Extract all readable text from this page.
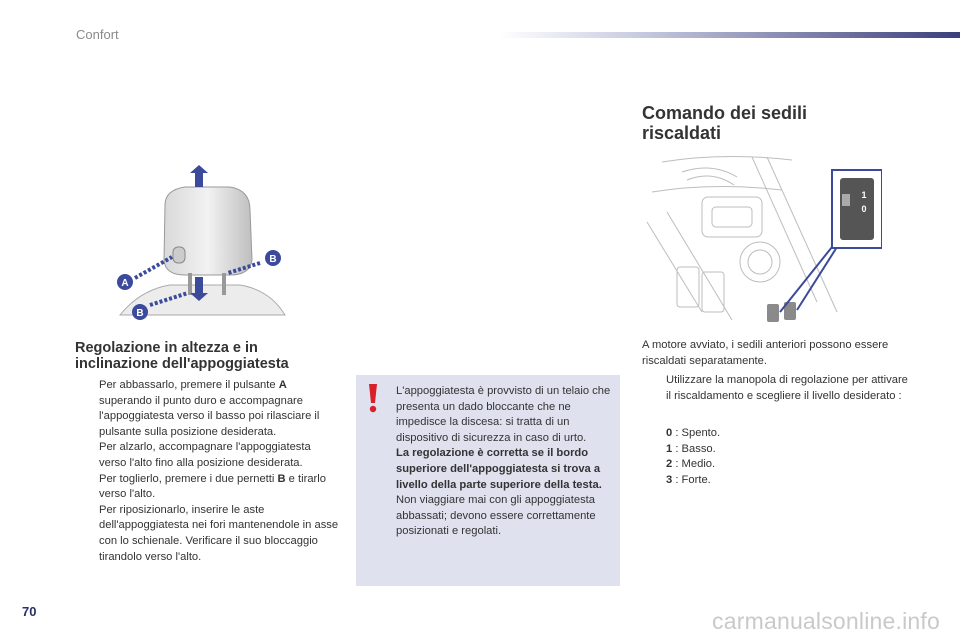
Confort
A
B
B
Regolazione in altezza e in
inclinazione dell'appoggiatesta
Per abbassarlo, premere il pulsante A superando il punto duro e accompagnare l'appoggiatesta verso il basso poi rilasciare il pulsante sulla posizione desiderata.
Per alzarlo, accompagnare l'appoggiatesta verso l'alto fino alla posizione desiderata.
Per toglierlo, premere i due pernetti B e tirarlo verso l'alto.
Per riposizionarlo, inserire le aste dell'appoggiatesta nei fori mantenendole in asse con lo schienale. Verificare il suo bloccaggio tirandolo verso l'alto.
L'appoggiatesta è provvisto di un telaio che presenta un dado bloccante che ne impedisce la discesa: si tratta di un dispositivo di sicurezza in caso di urto.
La regolazione è corretta se il bordo superiore dell'appoggiatesta si trova a livello della parte superiore della testa.
Non viaggiare mai con gli appoggiatesta abbassati; devono essere correttamente posizionati e regolati.
Comando dei sedili
riscaldati
1
0
A motore avviato, i sedili anteriori possono essere riscaldati separatamente.
Utilizzare la manopola di regolazione per attivare il riscaldamento e scegliere il livello desiderato :
0 : Spento.
1 : Basso.
2 : Medio.
3 : Forte.
70	carmanualsonline.info
